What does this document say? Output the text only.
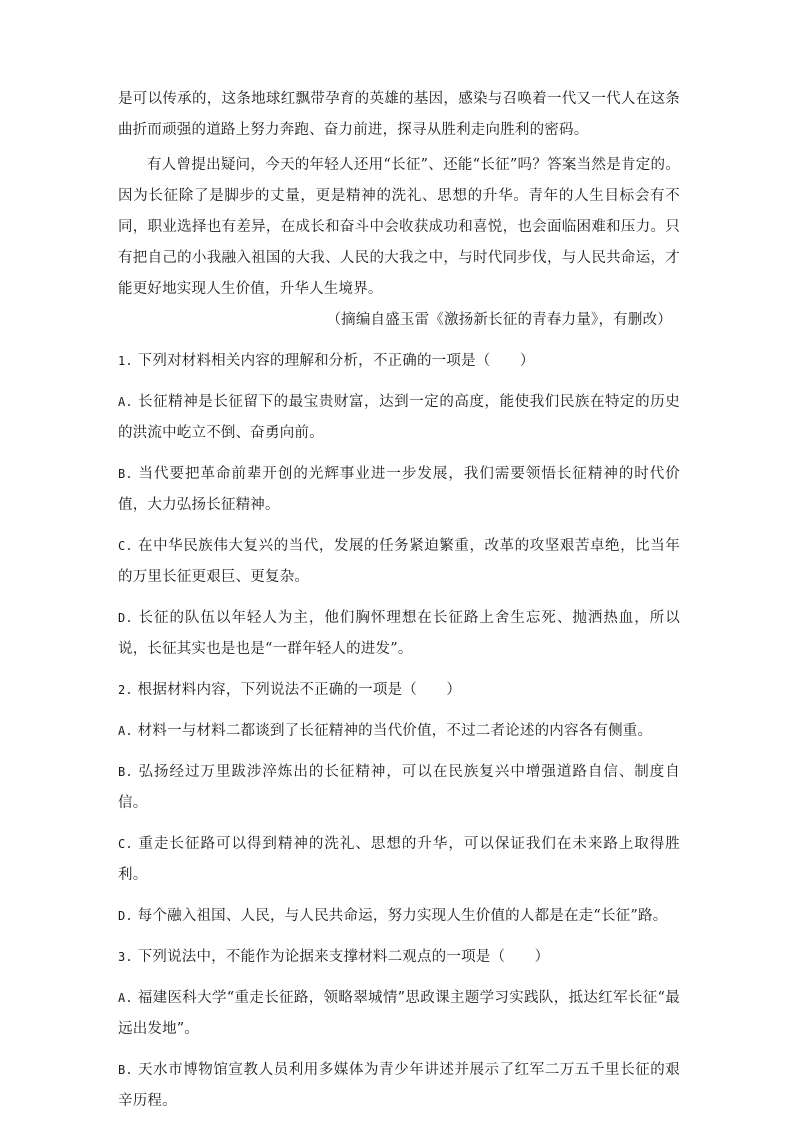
是可以传承的，这条地球红飘带孕育的英雄的基因，感染与召唤着一代又一代人在这条曲折而顽强的道路上努力奔跑、奋力前进，探寻从胜利走向胜利的密码。

有人曾提出疑问，今天的年轻人还用“长征”、还能“长征”吗？答案当然是肯定的。因为长征除了是脚步的丈量，更是精神的洗礼、思想的升华。青年的人生目标会有不同，职业选择也有差异，在成长和奋斗中会收获成功和喜悦，也会面临困难和压力。只有把自己的小我融入祖国的大我、人民的大我之中，与时代同步伐，与人民共命运，才能更好地实现人生价值，升华人生境界。

（摘编自盛玉雷《激扬新长征的青春力量》，有删改）

1. 下列对材料相关内容的理解和分析，不正确的一项是（　　）

A. 长征精神是长征留下的最宝贵财富，达到一定的高度，能使我们民族在特定的历史的洪流中屹立不倒、奋勇向前。

B. 当代要把革命前辈开创的光辉事业进一步发展，我们需要领悟长征精神的时代价值，大力弘扬长征精神。

C. 在中华民族伟大复兴的当代，发展的任务紧迫繁重，改革的攻坚艰苦卓绝，比当年的万里长征更艰巨、更复杂。

D. 长征的队伍以年轻人为主，他们胸怀理想在长征路上舍生忘死、抛洒热血，所以说，长征其实也是也是“一群年轻人的进发”。

2. 根据材料内容，下列说法不正确的一项是（　　）

A. 材料一与材料二都谈到了长征精神的当代价值，不过二者论述的内容各有侧重。

B. 弘扬经过万里跋涉淬炼出的长征精神，可以在民族复兴中增强道路自信、制度自信。

C. 重走长征路可以得到精神的洗礼、思想的升华，可以保证我们在未来路上取得胜利。

D. 每个融入祖国、人民，与人民共命运，努力实现人生价值的人都是在走“长征”路。

3. 下列说法中，不能作为论据来支撑材料二观点的一项是（　　）

A. 福建医科大学“重走长征路，领略翠城情”思政课主题学习实践队，抵达红军长征“最远出发地”。

B. 天水市博物馆宣教人员利用多媒体为青少年讲述并展示了红军二万五千里长征的艰辛历程。
